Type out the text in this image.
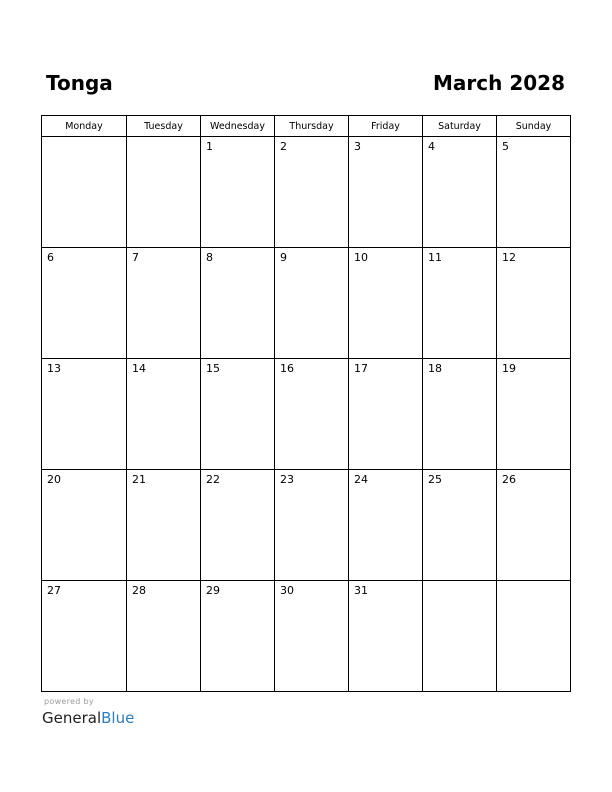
Tonga	March 2028
Monday	Tuesday	Wednesday	Thursday	Friday	Saturday	Sunday

		1	2	3	4	5

6	7	8	9	10	11	12

13	14	15	16	17	18	19

20	21	22	23	24	25	26

27	28	29	30	31		

powered by
GeneralBlue
